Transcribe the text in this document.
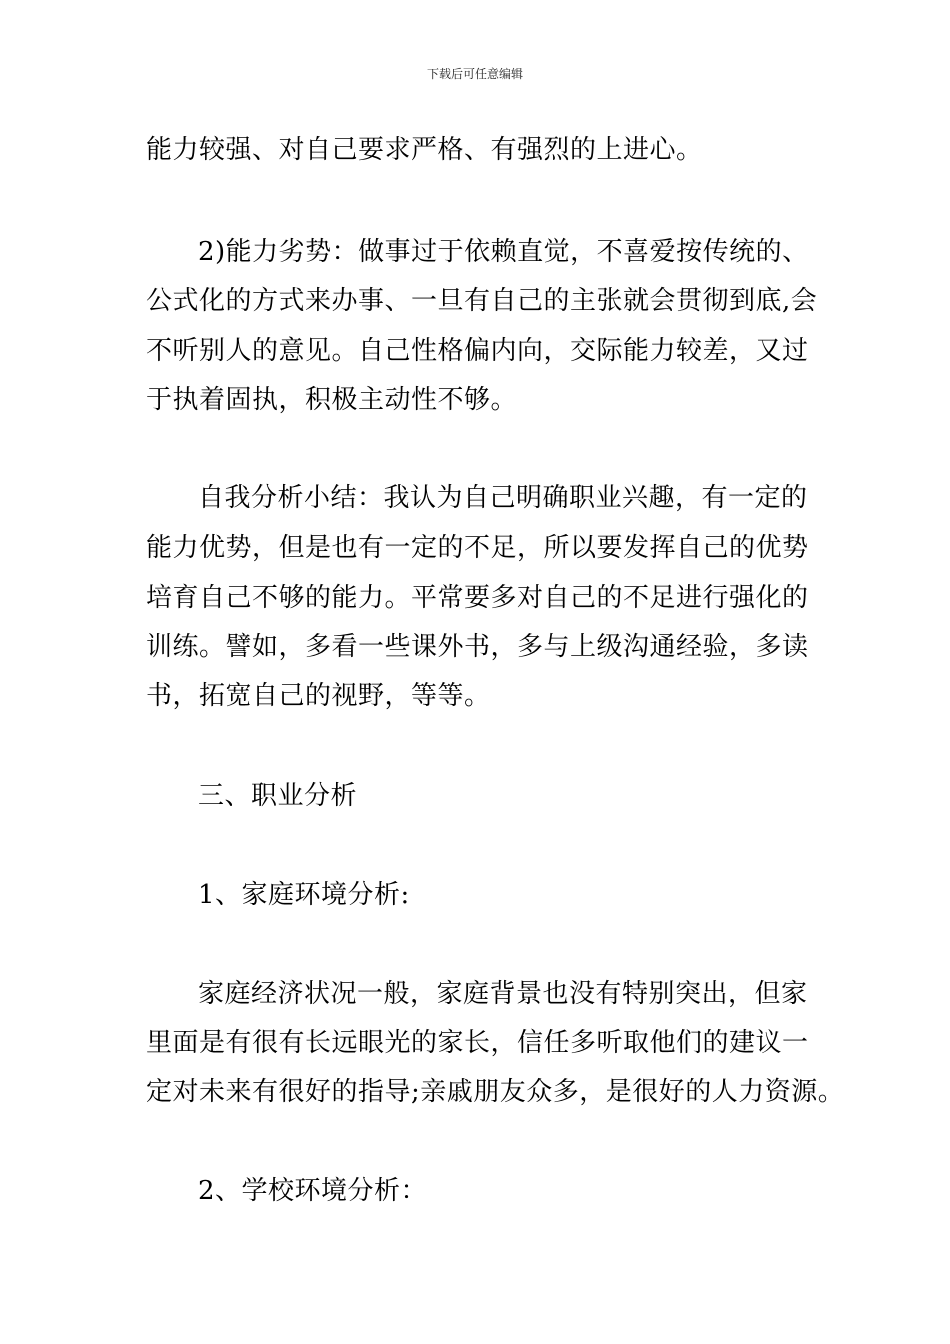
下载后可任意编辑
能力较强、对自己要求严格、有强烈的上进心。
2)能力劣势：做事过于依赖直觉，不喜爱按传统的、
公式化的方式来办事、一旦有自己的主张就会贯彻到底,会
不听别人的意见。自己性格偏内向，交际能力较差，又过
于执着固执，积极主动性不够。
自我分析小结：我认为自己明确职业兴趣，有一定的
能力优势，但是也有一定的不足，所以要发挥自己的优势
培育自己不够的能力。平常要多对自己的不足进行强化的
训练。譬如，多看一些课外书，多与上级沟通经验，多读
书，拓宽自己的视野，等等。
三、职业分析
1、家庭环境分析:
家庭经济状况一般，家庭背景也没有特别突出，但家
里面是有很有长远眼光的家长，信任多听取他们的建议一
定对未来有很好的指导;亲戚朋友众多，是很好的人力资源。
2、学校环境分析：
